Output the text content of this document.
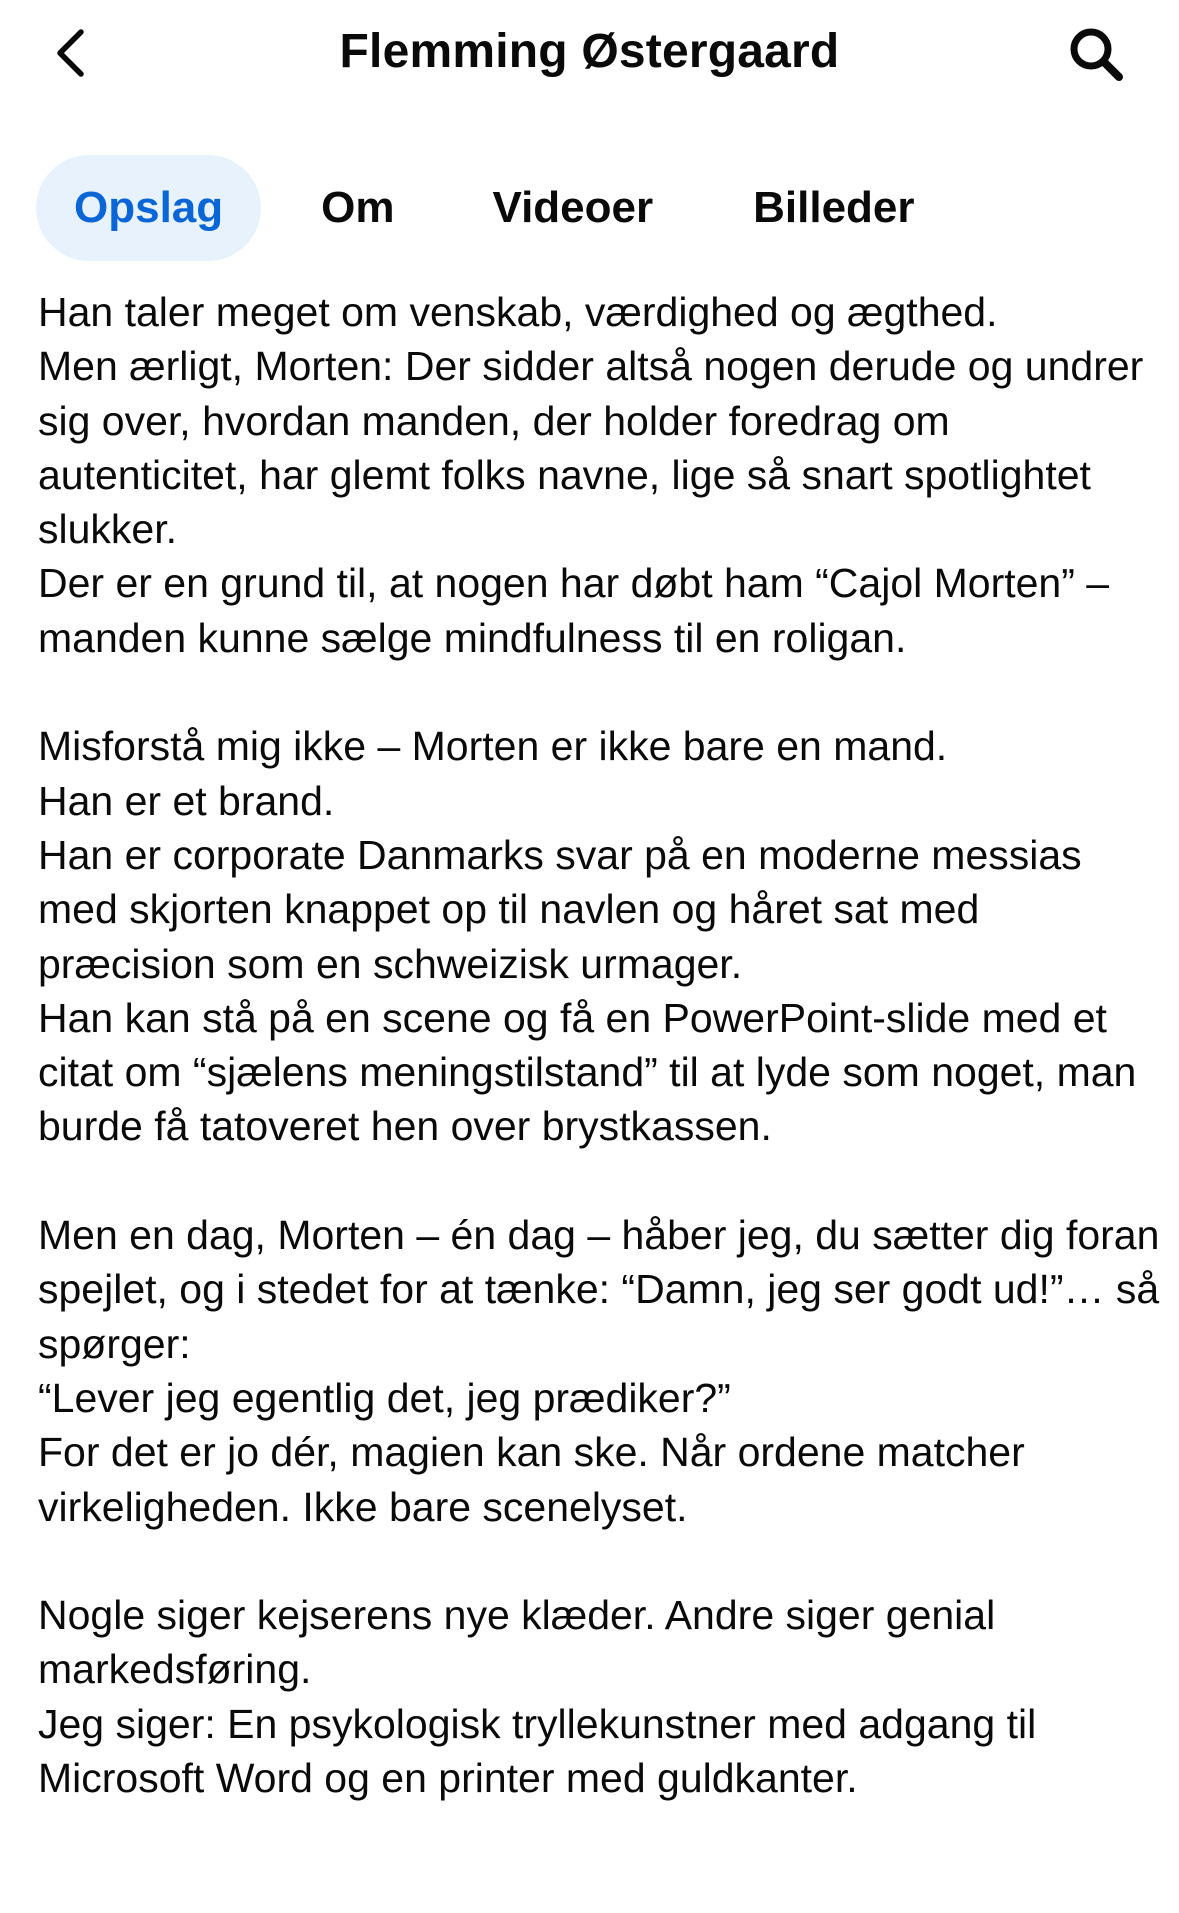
Flemming Østergaard
Opslag	Om Videoer Billeder

Han taler meget om venskab, værdighed og ægthed.
Men ærligt, Morten: Der sidder altså nogen derude og undrer sig over, hvordan manden, der holder foredrag om autenticitet, har glemt folks navne, lige så snart spotlightet slukker.
Der er en grund til, at nogen har døbt ham “Cajol Morten” – manden kunne sælge mindfulness til en roligan.

Misforstå mig ikke – Morten er ikke bare en mand.
Han er et brand.
Han er corporate Danmarks svar på en moderne messias med skjorten knappet op til navlen og håret sat med præcision som en schweizisk urmager.
Han kan stå på en scene og få en PowerPoint-slide med et citat om “sjælens meningstilstand” til at lyde som noget, man burde få tatoveret hen over brystkassen.

Men en dag, Morten – én dag – håber jeg, du sætter dig foran spejlet, og i stedet for at tænke: “Damn, jeg ser godt ud!”… så spørger:
“Lever jeg egentlig det, jeg prædiker?”
For det er jo dér, magien kan ske. Når ordene matcher virkeligheden. Ikke bare scenelyset.

Nogle siger kejserens nye klæder. Andre siger genial markedsføring.
Jeg siger: En psykologisk tryllekunstner med adgang til Microsoft Word og en printer med guldkanter.
